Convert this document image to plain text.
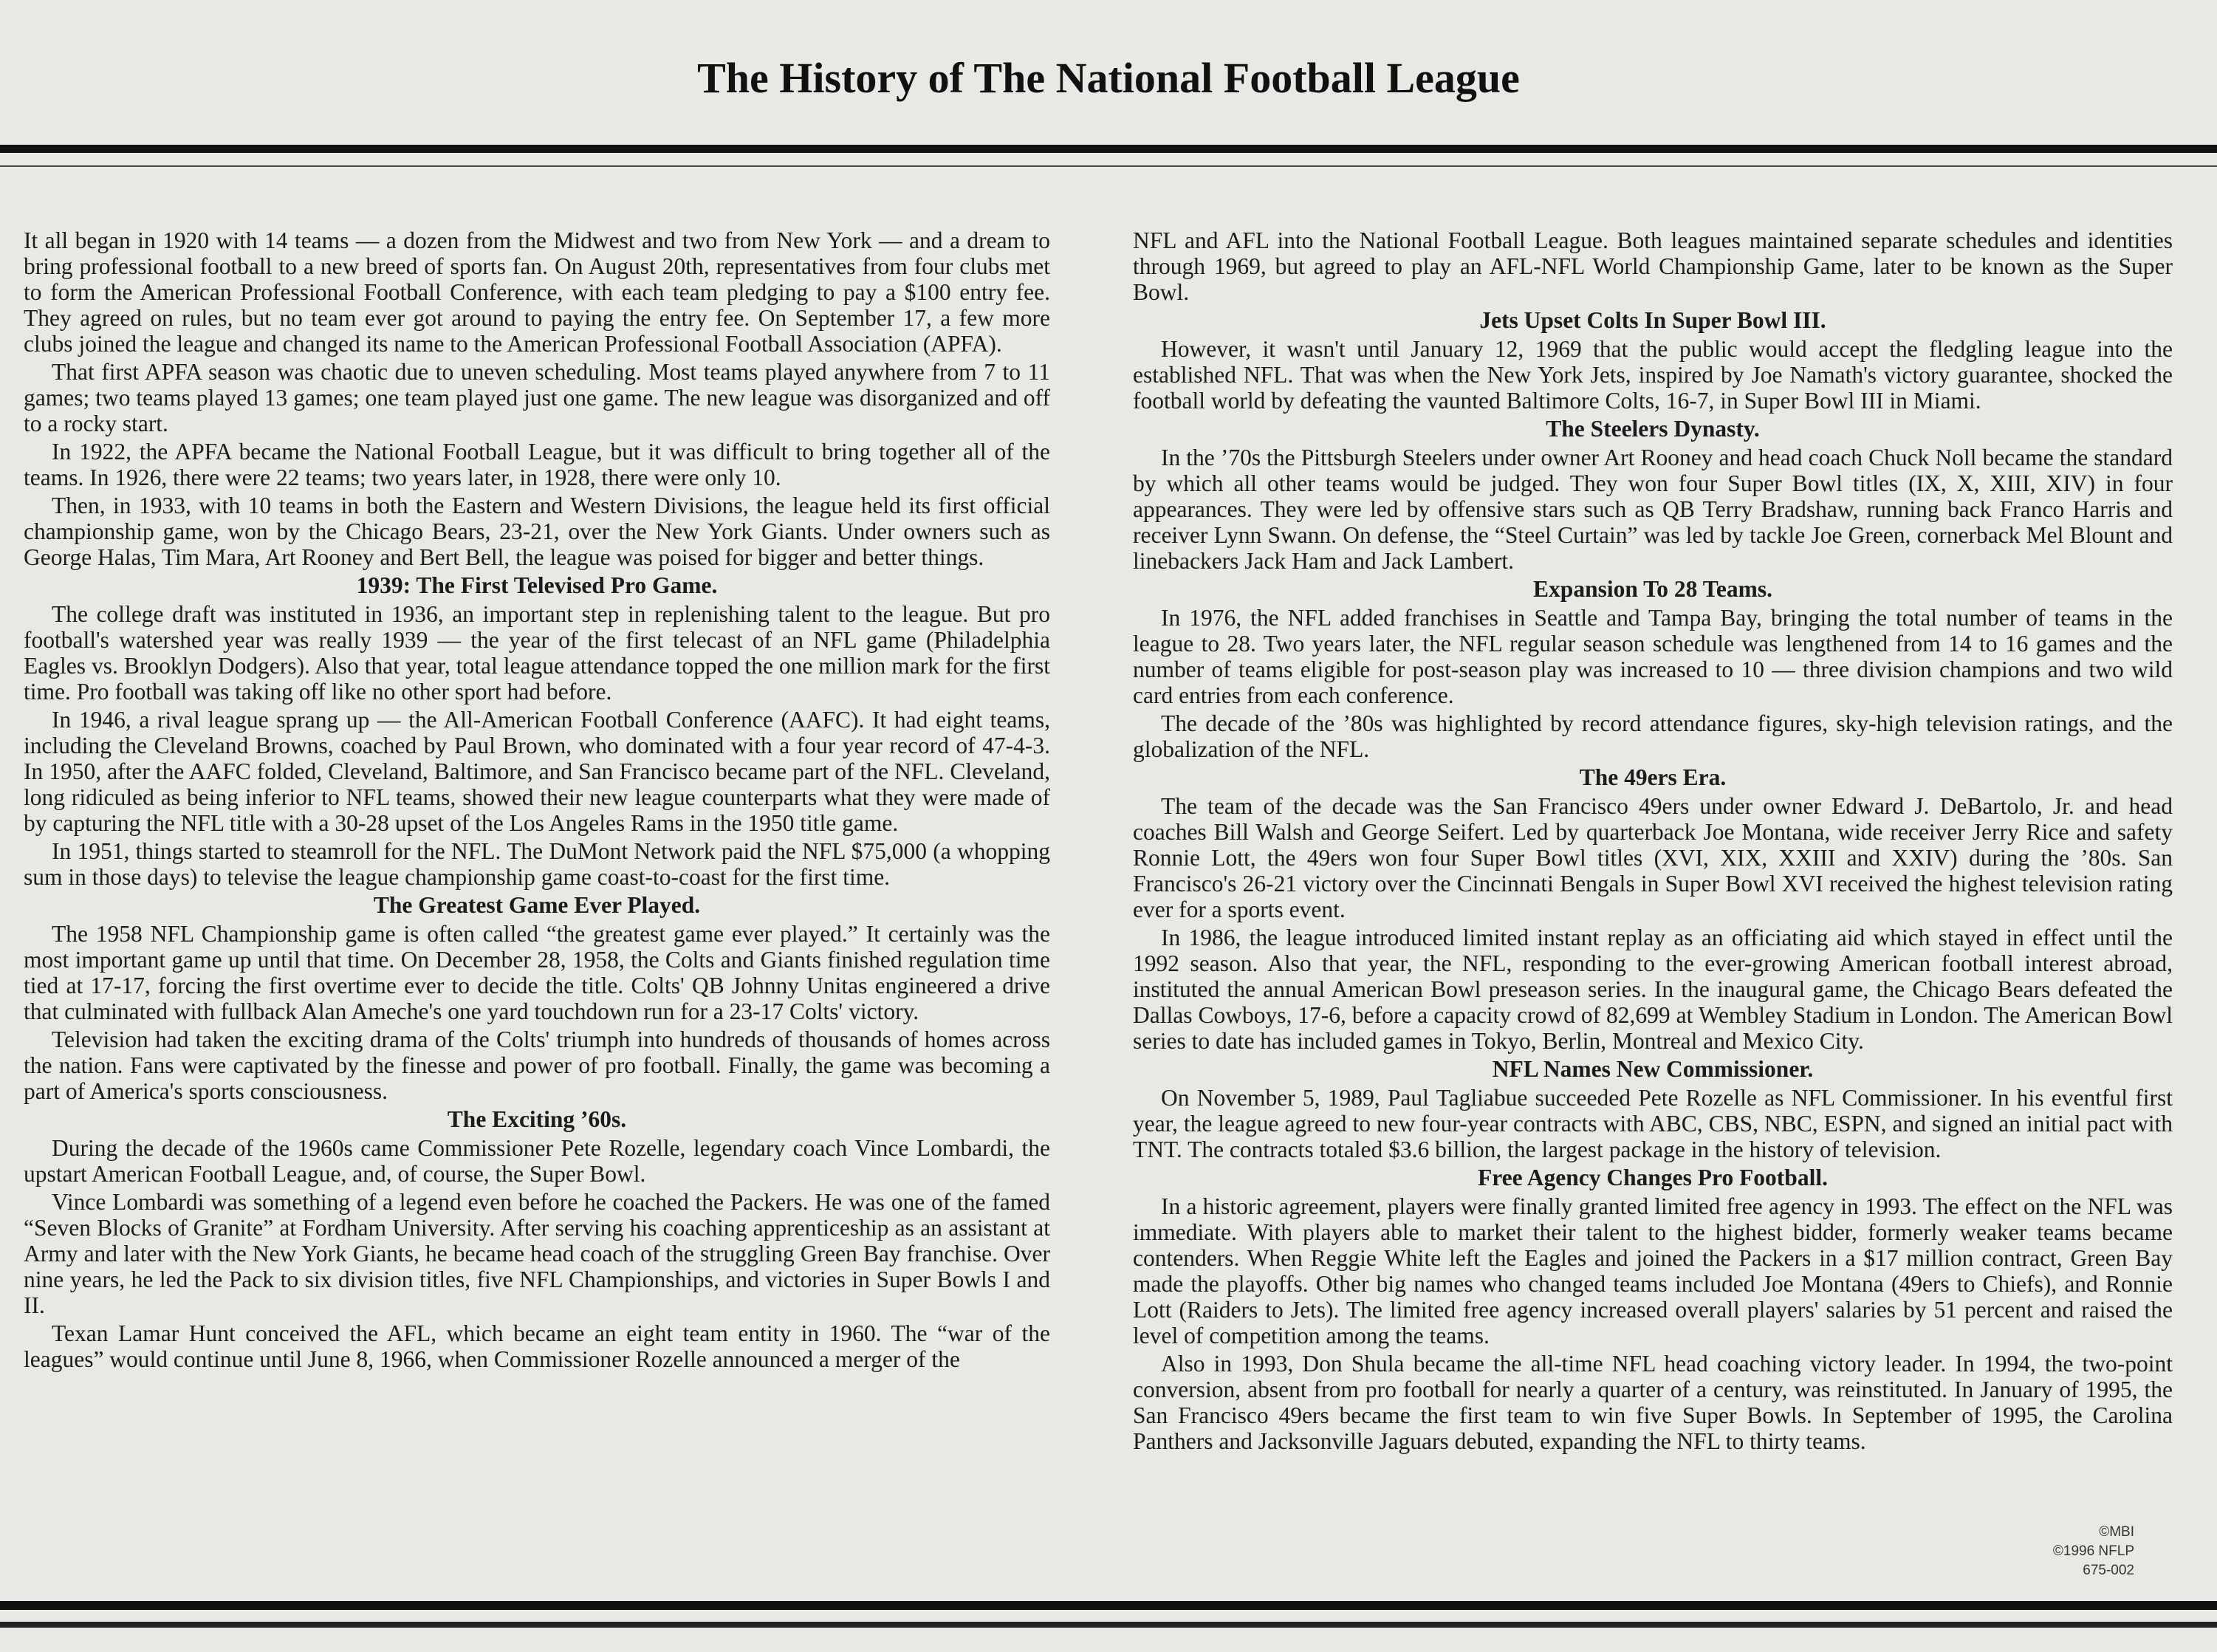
The History of The National Football League

It all began in 1920 with 14 teams — a dozen from the Midwest and two from New York — and a dream to bring professional football to a new breed of sports fan. On August 20th, representatives from four clubs met to form the American Professional Football Conference, with each team pledging to pay a $100 entry fee. They agreed on rules, but no team ever got around to paying the entry fee. On September 17, a few more clubs joined the league and changed its name to the American Professional Football Association (APFA).

That first APFA season was chaotic due to uneven scheduling. Most teams played anywhere from 7 to 11 games; two teams played 13 games; one team played just one game. The new league was disorganized and off to a rocky start.

In 1922, the APFA became the National Football League, but it was difficult to bring together all of the teams. In 1926, there were 22 teams; two years later, in 1928, there were only 10.

Then, in 1933, with 10 teams in both the Eastern and Western Divisions, the league held its first official championship game, won by the Chicago Bears, 23-21, over the New York Giants. Under owners such as George Halas, Tim Mara, Art Rooney and Bert Bell, the league was poised for bigger and better things.

1939: The First Televised Pro Game.

The college draft was instituted in 1936, an important step in replenishing talent to the league. But pro football's watershed year was really 1939 — the year of the first telecast of an NFL game (Philadelphia Eagles vs. Brooklyn Dodgers). Also that year, total league attendance topped the one million mark for the first time. Pro football was taking off like no other sport had before.

In 1946, a rival league sprang up — the All-American Football Conference (AAFC). It had eight teams, including the Cleveland Browns, coached by Paul Brown, who dominated with a four year record of 47-4-3. In 1950, after the AAFC folded, Cleveland, Baltimore, and San Francisco became part of the NFL. Cleveland, long ridiculed as being inferior to NFL teams, showed their new league counterparts what they were made of by capturing the NFL title with a 30-28 upset of the Los Angeles Rams in the 1950 title game.

In 1951, things started to steamroll for the NFL. The DuMont Network paid the NFL $75,000 (a whopping sum in those days) to televise the league championship game coast-to-coast for the first time.

The Greatest Game Ever Played.

The 1958 NFL Championship game is often called “the greatest game ever played.” It certainly was the most important game up until that time. On December 28, 1958, the Colts and Giants finished regulation time tied at 17-17, forcing the first overtime ever to decide the title. Colts' QB Johnny Unitas engineered a drive that culminated with fullback Alan Ameche's one yard touchdown run for a 23-17 Colts' victory.

Television had taken the exciting drama of the Colts' triumph into hundreds of thousands of homes across the nation. Fans were captivated by the finesse and power of pro football. Finally, the game was becoming a part of America's sports consciousness.

The Exciting ’60s.

During the decade of the 1960s came Commissioner Pete Rozelle, legendary coach Vince Lombardi, the upstart American Football League, and, of course, the Super Bowl.

Vince Lombardi was something of a legend even before he coached the Packers. He was one of the famed “Seven Blocks of Granite” at Fordham University. After serving his coaching apprenticeship as an assistant at Army and later with the New York Giants, he became head coach of the struggling Green Bay franchise. Over nine years, he led the Pack to six division titles, five NFL Championships, and victories in Super Bowls I and II.

Texan Lamar Hunt conceived the AFL, which became an eight team entity in 1960. The “war of the leagues” would continue until June 8, 1966, when Commissioner Rozelle announced a merger of the

NFL and AFL into the National Football League. Both leagues maintained separate schedules and identities through 1969, but agreed to play an AFL-NFL World Championship Game, later to be known as the Super Bowl.

Jets Upset Colts In Super Bowl III.

However, it wasn't until January 12, 1969 that the public would accept the fledgling league into the established NFL. That was when the New York Jets, inspired by Joe Namath's victory guarantee, shocked the football world by defeating the vaunted Baltimore Colts, 16-7, in Super Bowl III in Miami.

The Steelers Dynasty.

In the ’70s the Pittsburgh Steelers under owner Art Rooney and head coach Chuck Noll became the standard by which all other teams would be judged. They won four Super Bowl titles (IX, X, XIII, XIV) in four appearances. They were led by offensive stars such as QB Terry Bradshaw, running back Franco Harris and receiver Lynn Swann. On defense, the “Steel Curtain” was led by tackle Joe Green, cornerback Mel Blount and linebackers Jack Ham and Jack Lambert.

Expansion To 28 Teams.

In 1976, the NFL added franchises in Seattle and Tampa Bay, bringing the total number of teams in the league to 28. Two years later, the NFL regular season schedule was lengthened from 14 to 16 games and the number of teams eligible for post-season play was increased to 10 — three division champions and two wild card entries from each conference.

The decade of the ’80s was highlighted by record attendance figures, sky-high television ratings, and the globalization of the NFL.

The 49ers Era.

The team of the decade was the San Francisco 49ers under owner Edward J. DeBartolo, Jr. and head coaches Bill Walsh and George Seifert. Led by quarterback Joe Montana, wide receiver Jerry Rice and safety Ronnie Lott, the 49ers won four Super Bowl titles (XVI, XIX, XXIII and XXIV) during the ’80s. San Francisco's 26-21 victory over the Cincinnati Bengals in Super Bowl XVI received the highest television rating ever for a sports event.

In 1986, the league introduced limited instant replay as an officiating aid which stayed in effect until the 1992 season. Also that year, the NFL, responding to the ever-growing American football interest abroad, instituted the annual American Bowl preseason series. In the inaugural game, the Chicago Bears defeated the Dallas Cowboys, 17-6, before a capacity crowd of 82,699 at Wembley Stadium in London. The American Bowl series to date has included games in Tokyo, Berlin, Montreal and Mexico City.

NFL Names New Commissioner.

On November 5, 1989, Paul Tagliabue succeeded Pete Rozelle as NFL Commissioner. In his eventful first year, the league agreed to new four-year contracts with ABC, CBS, NBC, ESPN, and signed an initial pact with TNT. The contracts totaled $3.6 billion, the largest package in the history of television.

Free Agency Changes Pro Football.

In a historic agreement, players were finally granted limited free agency in 1993. The effect on the NFL was immediate. With players able to market their talent to the highest bidder, formerly weaker teams became contenders. When Reggie White left the Eagles and joined the Packers in a $17 million contract, Green Bay made the playoffs. Other big names who changed teams included Joe Montana (49ers to Chiefs), and Ronnie Lott (Raiders to Jets). The limited free agency increased overall players' salaries by 51 percent and raised the level of competition among the teams.

Also in 1993, Don Shula became the all-time NFL head coaching victory leader. In 1994, the two-point conversion, absent from pro football for nearly a quarter of a century, was reinstituted. In January of 1995, the San Francisco 49ers became the first team to win five Super Bowls. In September of 1995, the Carolina Panthers and Jacksonville Jaguars debuted, expanding the NFL to thirty teams.

©MBI
©1996 NFLP
675-002
